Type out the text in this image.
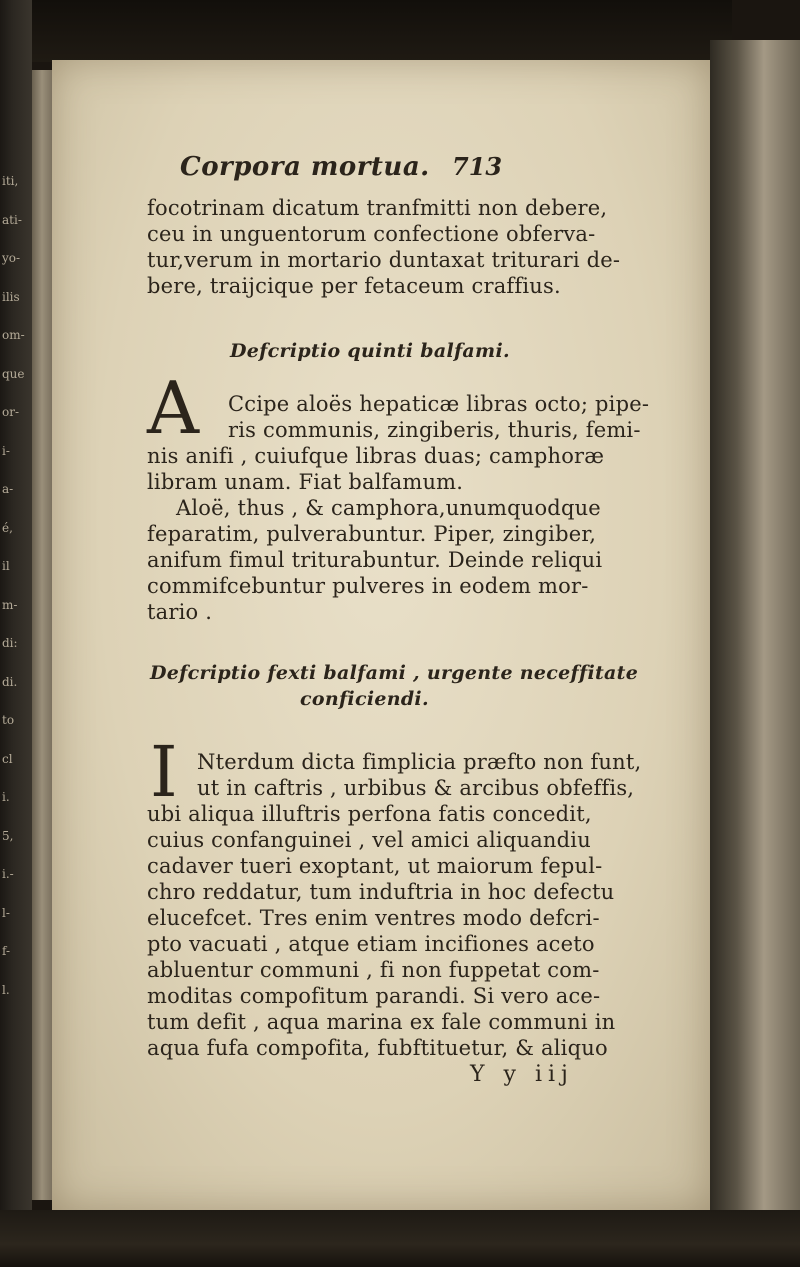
iti,
ati-
yo-
ilis
om-
que
or-
i-
a-
é,
il
m-
di:
di.
to
cl
i.
5,
i.-
l-
f-
l.
Corpora mortua. 713
focotrinam dicatum tranfmitti non debere,
ceu in unguentorum confectione obferva-
tur,verum in mortario duntaxat triturari de-
bere, traijcique per fetaceum craffius.
Defcriptio quinti balfami.
A Ccipe aloës hepaticæ libras octo; pipe-
ris communis, zingiberis, thuris, femi-
nis anifi , cuiufque libras duas; camphoræ
libram unam. Fiat balfamum.
Aloë, thus , & camphora,unumquodque
feparatim, pulverabuntur. Piper, zingiber,
anifum fimul triturabuntur. Deinde reliqui
commifcebuntur pulveres in eodem mor-
tario .
Defcriptio fexti balfami , urgente neceffitate
conficiendi.
I Nterdum dicta fimplicia præfto non funt,
ut in caftris , urbibus & arcibus obfeffis,
ubi aliqua illuftris perfona fatis concedit,
cuius confanguinei , vel amici aliquandiu
cadaver tueri exoptant, ut maiorum fepul-
chro reddatur, tum induftria in hoc defectu
elucefcet. Tres enim ventres modo defcri-
pto vacuati , atque etiam incifiones aceto
abluentur communi , fi non fuppetat com-
moditas compofitum parandi. Si vero ace-
tum defit , aqua marina ex fale communi in
aqua fufa compofita, fubftituetur, & aliquo
Y y iij
